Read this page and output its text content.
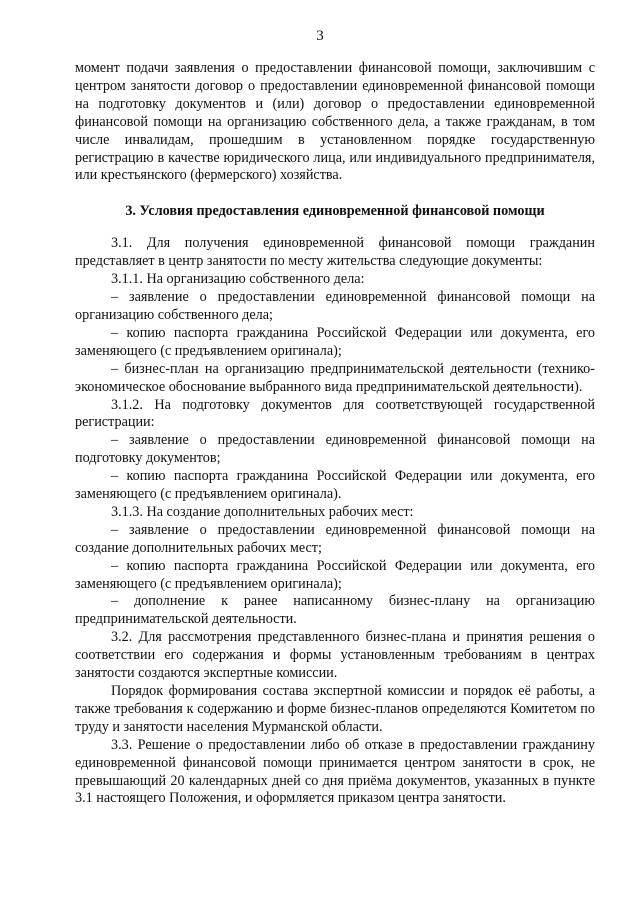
3

момент подачи заявления о предоставлении финансовой помощи, заключившим с центром занятости договор о предоставлении единовременной финансовой помощи на подготовку документов и (или) договор о предоставлении единовременной финансовой помощи на организацию собственного дела, а также гражданам, в том числе инвалидам, прошедшим в установленном порядке государственную регистрацию в качестве юридического лица, или индивидуального предпринимателя, или крестьянского (фермерского) хозяйства.

3. Условия предоставления единовременной финансовой помощи

3.1. Для получения единовременной финансовой помощи гражданин представляет в центр занятости по месту жительства следующие документы:

3.1.1. На организацию собственного дела:

– заявление о предоставлении единовременной финансовой помощи на организацию собственного дела;

– копию паспорта гражданина Российской Федерации или документа, его заменяющего (с предъявлением оригинала);

– бизнес-план на организацию предпринимательской деятельности (технико-экономическое обоснование выбранного вида предпринимательской деятельности).

3.1.2. На подготовку документов для соответствующей государственной регистрации:

– заявление о предоставлении единовременной финансовой помощи на подготовку документов;

– копию паспорта гражданина Российской Федерации или документа, его заменяющего (с предъявлением оригинала).

3.1.3. На создание дополнительных рабочих мест:

– заявление о предоставлении единовременной финансовой помощи на создание дополнительных рабочих мест;

– копию паспорта гражданина Российской Федерации или документа, его заменяющего (с предъявлением оригинала);

– дополнение к ранее написанному бизнес-плану на организацию предпринимательской деятельности.

3.2. Для рассмотрения представленного бизнес-плана и принятия решения о соответствии его содержания и формы установленным требованиям в центрах занятости создаются экспертные комиссии.

Порядок формирования состава экспертной комиссии и порядок её работы, а также требования к содержанию и форме бизнес-планов определяются Комитетом по труду и занятости населения Мурманской области.

3.3. Решение о предоставлении либо об отказе в предоставлении гражданину единовременной финансовой помощи принимается центром занятости в срок, не превышающий 20 календарных дней со дня приёма документов, указанных в пункте 3.1 настоящего Положения, и оформляется приказом центра занятости.
